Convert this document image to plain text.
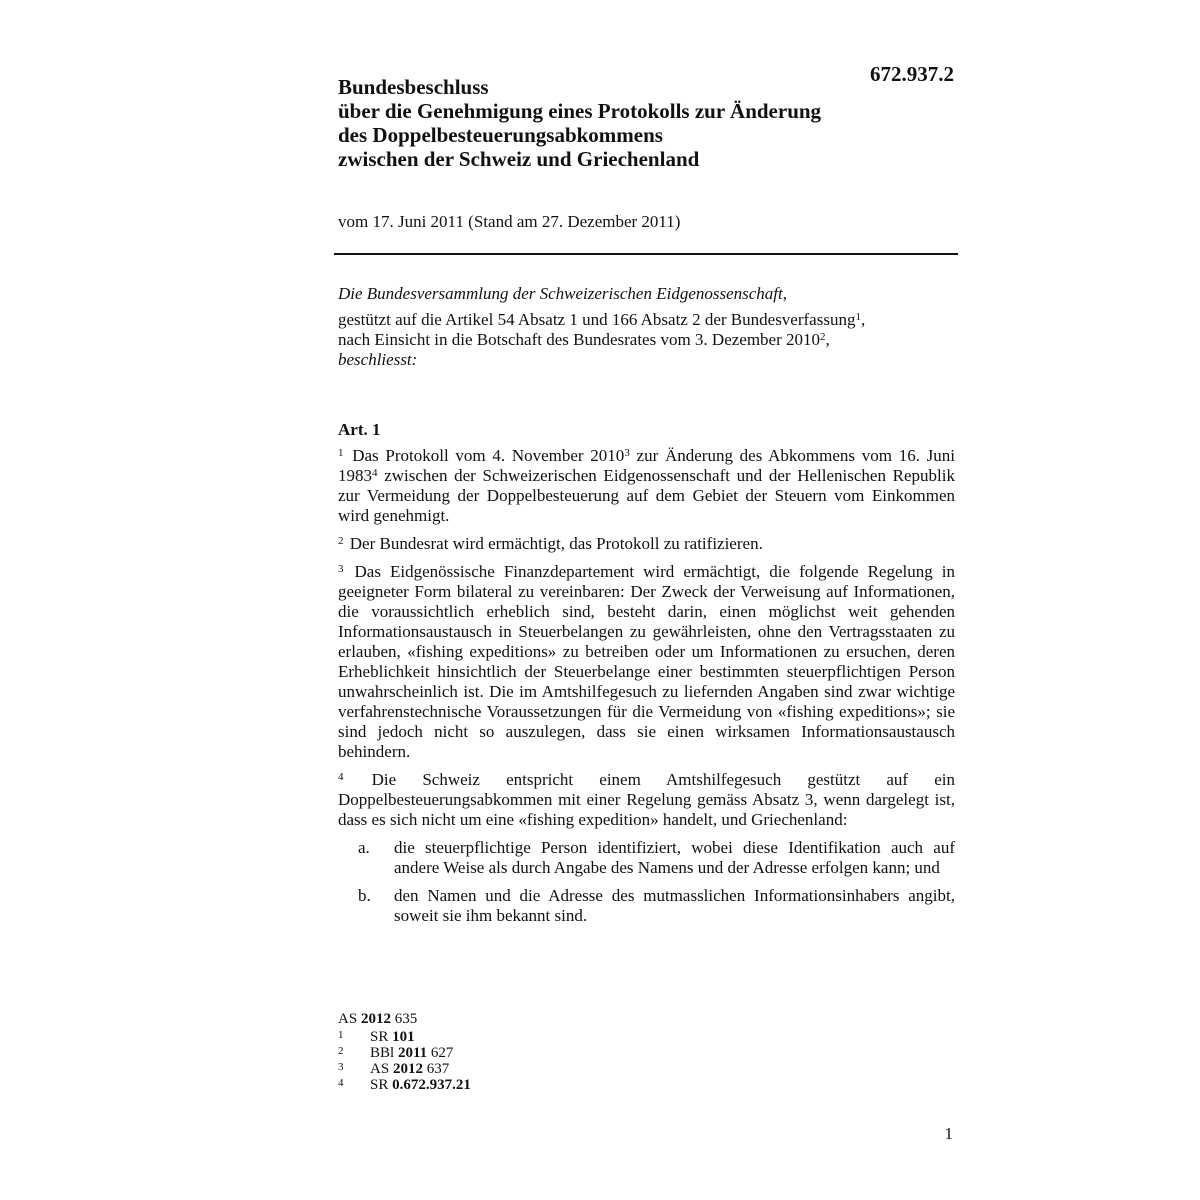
672.937.2

Bundesbeschluss
über die Genehmigung eines Protokolls zur Änderung
des Doppelbesteuerungsabkommens
zwischen der Schweiz und Griechenland

vom 17. Juni 2011 (Stand am 27. Dezember 2011)

Die Bundesversammlung der Schweizerischen Eidgenossenschaft,

gestützt auf die Artikel 54 Absatz 1 und 166 Absatz 2 der Bundesverfassung$^1$,

nach Einsicht in die Botschaft des Bundesrates vom 3. Dezember 2010$^2$,

beschliesst:

Art. 1

$^1$ Das Protokoll vom 4. November 2010$^3$ zur Änderung des Abkommens vom 16. Juni 1983$^4$ zwischen der Schweizerischen Eidgenossenschaft und der Hellenischen Republik zur Vermeidung der Doppelbesteuerung auf dem Gebiet der Steuern vom Einkommen wird genehmigt.

$^2$ Der Bundesrat wird ermächtigt, das Protokoll zu ratifizieren.

$^3$ Das Eidgenössische Finanzdepartement wird ermächtigt, die folgende Regelung in geeigneter Form bilateral zu vereinbaren: Der Zweck der Verweisung auf Informationen, die voraussichtlich erheblich sind, besteht darin, einen möglichst weit gehenden Informationsaustausch in Steuerbelangen zu gewährleisten, ohne den Vertragsstaaten zu erlauben, «fishing expeditions» zu betreiben oder um Informationen zu ersuchen, deren Erheblichkeit hinsichtlich der Steuerbelange einer bestimmten steuerpflichtigen Person unwahrscheinlich ist. Die im Amtshilfegesuch zu liefernden Angaben sind zwar wichtige verfahrenstechnische Voraussetzungen für die Vermeidung von «fishing expeditions»; sie sind jedoch nicht so auszulegen, dass sie einen wirksamen Informationsaustausch behindern.

$^4$ Die Schweiz entspricht einem Amtshilfegesuch gestützt auf ein Doppelbesteuerungsabkommen mit einer Regelung gemäss Absatz 3, wenn dargelegt ist, dass es sich nicht um eine «fishing expedition» handelt, und Griechenland:

a.	die steuerpflichtige Person identifiziert, wobei diese Identifikation auch auf andere Weise als durch Angabe des Namens und der Adresse erfolgen kann; und
b.	den Namen und die Adresse des mutmasslichen Informationsinhabers angibt, soweit sie ihm bekannt sind.

AS 2012 635

1	SR 101
2	BBl 2011 627
3	AS 2012 637
4	SR 0.672.937.21

1
